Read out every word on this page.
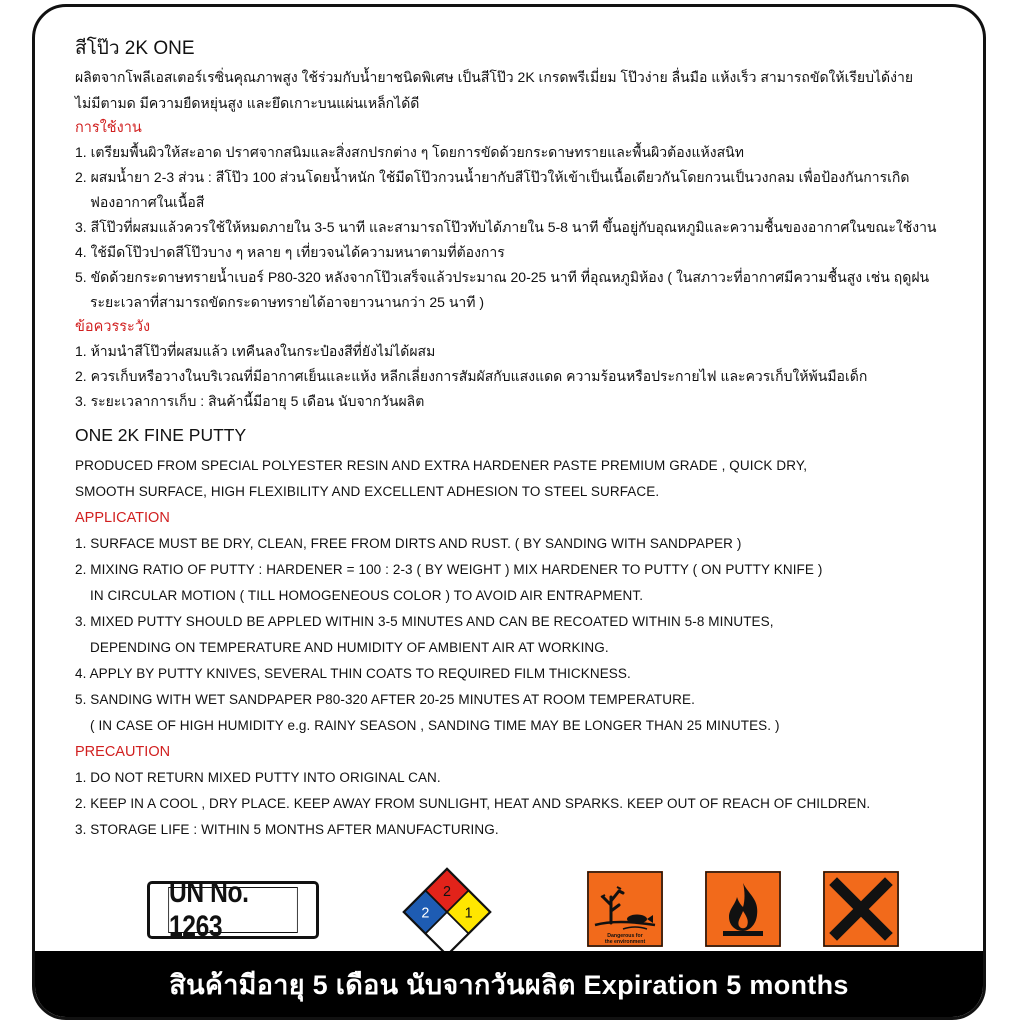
สีโป๊ว 2K ONE

ผลิตจากโพลีเอสเตอร์เรซิ่นคุณภาพสูง ใช้ร่วมกับน้ำยาชนิดพิเศษ เป็นสีโป๊ว 2K เกรดพรีเมี่ยม โป๊วง่าย ลื่นมือ แห้งเร็ว สามารถขัดให้เรียบได้ง่าย

ไม่มีตามด มีความยืดหยุ่นสูง และยึดเกาะบนแผ่นเหล็กได้ดี

การใช้งาน

1. เตรียมพื้นผิวให้สะอาด ปราศจากสนิมและสิ่งสกปรกต่าง ๆ โดยการขัดด้วยกระดาษทรายและพื้นผิวต้องแห้งสนิท

2. ผสมน้ำยา 2-3 ส่วน : สีโป๊ว 100 ส่วนโดยน้ำหนัก ใช้มีดโป๊วกวนน้ำยากับสีโป๊วให้เข้าเป็นเนื้อเดียวกันโดยกวนเป็นวงกลม เพื่อป้องกันการเกิด
ฟองอากาศในเนื้อสี

3. สีโป๊วที่ผสมแล้วควรใช้ให้หมดภายใน 3-5 นาที และสามารถโป๊วทับได้ภายใน 5-8 นาที ขึ้นอยู่กับอุณหภูมิและความชื้นของอากาศในขณะใช้งาน

4. ใช้มีดโป๊วปาดสีโป๊วบาง ๆ หลาย ๆ เที่ยวจนได้ความหนาตามที่ต้องการ

5. ขัดด้วยกระดาษทรายน้ำเบอร์ P80-320 หลังจากโป๊วเสร็จแล้วประมาณ 20-25 นาที ที่อุณหภูมิห้อง ( ในสภาวะที่อากาศมีความชื้นสูง เช่น ฤดูฝน
ระยะเวลาที่สามารถขัดกระดาษทรายได้อาจยาวนานกว่า 25 นาที )

ข้อควรระวัง

1. ห้ามนำสีโป๊วที่ผสมแล้ว เทคืนลงในกระป๋องสีที่ยังไม่ได้ผสม

2. ควรเก็บหรือวางในบริเวณที่มีอากาศเย็นและแห้ง หลีกเลี่ยงการสัมผัสกับแสงแดด ความร้อนหรือประกายไฟ และควรเก็บให้พ้นมือเด็ก

3. ระยะเวลาการเก็บ : สินค้านี้มีอายุ 5 เดือน นับจากวันผลิต

ONE 2K FINE PUTTY

PRODUCED FROM SPECIAL POLYESTER RESIN AND EXTRA HARDENER PASTE PREMIUM GRADE , QUICK DRY,

SMOOTH SURFACE, HIGH FLEXIBILITY AND EXCELLENT ADHESION TO STEEL SURFACE.

APPLICATION

1. SURFACE MUST BE DRY, CLEAN, FREE FROM DIRTS AND RUST. ( BY SANDING WITH SANDPAPER )

2. MIXING RATIO OF PUTTY : HARDENER = 100 : 2-3 ( BY WEIGHT ) MIX HARDENER TO PUTTY ( ON PUTTY KNIFE )
IN CIRCULAR MOTION ( TILL HOMOGENEOUS COLOR ) TO AVOID AIR ENTRAPMENT.

3. MIXED PUTTY SHOULD BE APPLED WITHIN 3-5 MINUTES AND CAN BE RECOATED WITHIN 5-8 MINUTES,
DEPENDING ON TEMPERATURE AND HUMIDITY OF AMBIENT AIR AT WORKING.

4. APPLY BY PUTTY KNIVES, SEVERAL THIN COATS TO REQUIRED FILM THICKNESS.

5. SANDING WITH WET SANDPAPER P80-320 AFTER 20-25 MINUTES AT ROOM TEMPERATURE.
( IN CASE OF HIGH HUMIDITY e.g. RAINY SEASON , SANDING TIME MAY BE LONGER THAN 25 MINUTES. )

PRECAUTION

1. DO NOT RETURN MIXED PUTTY INTO ORIGINAL CAN.

2. KEEP IN A COOL , DRY PLACE. KEEP AWAY FROM SUNLIGHT, HEAT AND SPARKS. KEEP OUT OF REACH OF CHILDREN.

3. STORAGE LIFE : WITHIN 5 MONTHS AFTER MANUFACTURING.

UN No. 1263
2
2 1
Dangerous for
the environment
สินค้ามีอายุ 5 เดือน นับจากวันผลิต Expiration 5 months
